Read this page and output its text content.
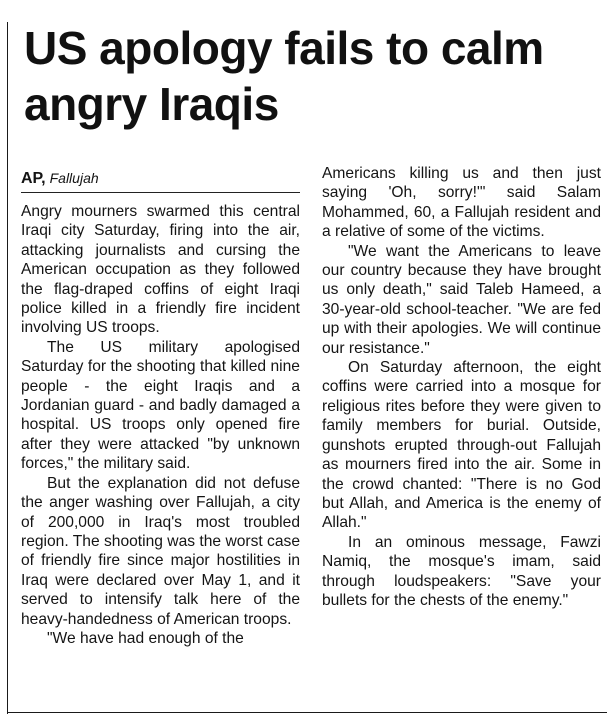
US apology fails to calm angry Iraqis
AP, Fallujah

Angry mourners swarmed this central Iraqi city Saturday, firing into the air, attacking journalists and cursing the American occupation as they followed the flag-draped coffins of eight Iraqi police killed in a friendly fire incident involving US troops.

The US military apologised Saturday for the shooting that killed nine people - the eight Iraqis and a Jordanian guard - and badly damaged a hospital. US troops only opened fire after they were attacked "by unknown forces," the military said.

But the explanation did not defuse the anger washing over Fallujah, a city of 200,000 in Iraq's most troubled region. The shooting was the worst case of friendly fire since major hostilities in Iraq were declared over May 1, and it served to intensify talk here of the heavy-handedness of American troops.

"We have had enough of the

Americans killing us and then just saying 'Oh, sorry!'" said Salam Mohammed, 60, a Fallujah resident and a relative of some of the victims.

"We want the Americans to leave our country because they have brought us only death," said Taleb Hameed, a 30-year-old school-teacher. "We are fed up with their apologies. We will continue our resistance."

On Saturday afternoon, the eight coffins were carried into a mosque for religious rites before they were given to family members for burial. Outside, gunshots erupted through-out Fallujah as mourners fired into the air. Some in the crowd chanted: "There is no God but Allah, and America is the enemy of Allah."

In an ominous message, Fawzi Namiq, the mosque's imam, said through loudspeakers: "Save your bullets for the chests of the enemy."
